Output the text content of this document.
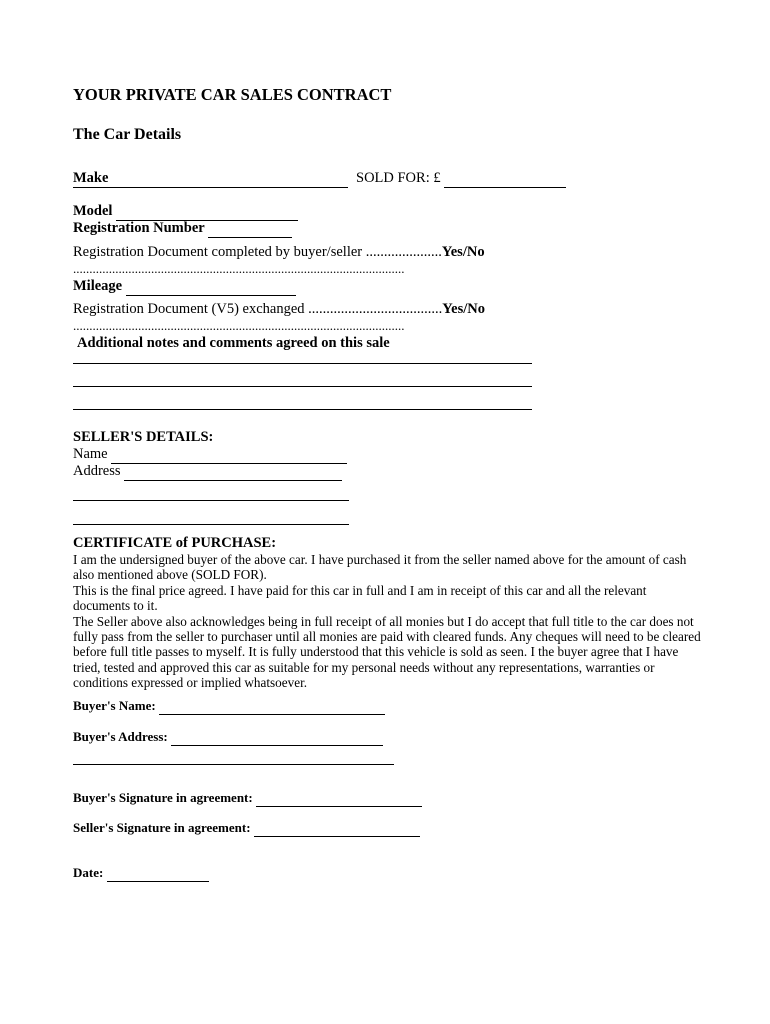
YOUR PRIVATE CAR SALES CONTRACT
The Car Details
Make	SOLD FOR: £
Model
Registration Number
Registration Document completed by buyer/seller .....................Yes/No
......................................................................................................
Mileage
Registration Document (V5) exchanged .....................................Yes/No
......................................................................................................
Additional notes and comments agreed on this sale
SELLER'S DETAILS:
Name
Address
CERTIFICATE of PURCHASE:
I am the undersigned buyer of the above car. I have purchased it from the seller named above for the amount of cash also mentioned above (SOLD FOR).
This is the final price agreed. I have paid for this car in full and I am in receipt of this car and all the relevant documents to it.
The Seller above also acknowledges being in full receipt of all monies but I do accept that full title to the car does not fully pass from the seller to purchaser until all monies are paid with cleared funds. Any cheques will need to be cleared before full title passes to myself. It is fully understood that this vehicle is sold as seen. I the buyer agree that I have tried, tested and approved this car as suitable for my personal needs without any representations, warranties or conditions expressed or implied whatsoever.
Buyer's Name:
Buyer's Address:
Buyer's Signature in agreement:
Seller's Signature in agreement:
Date:
